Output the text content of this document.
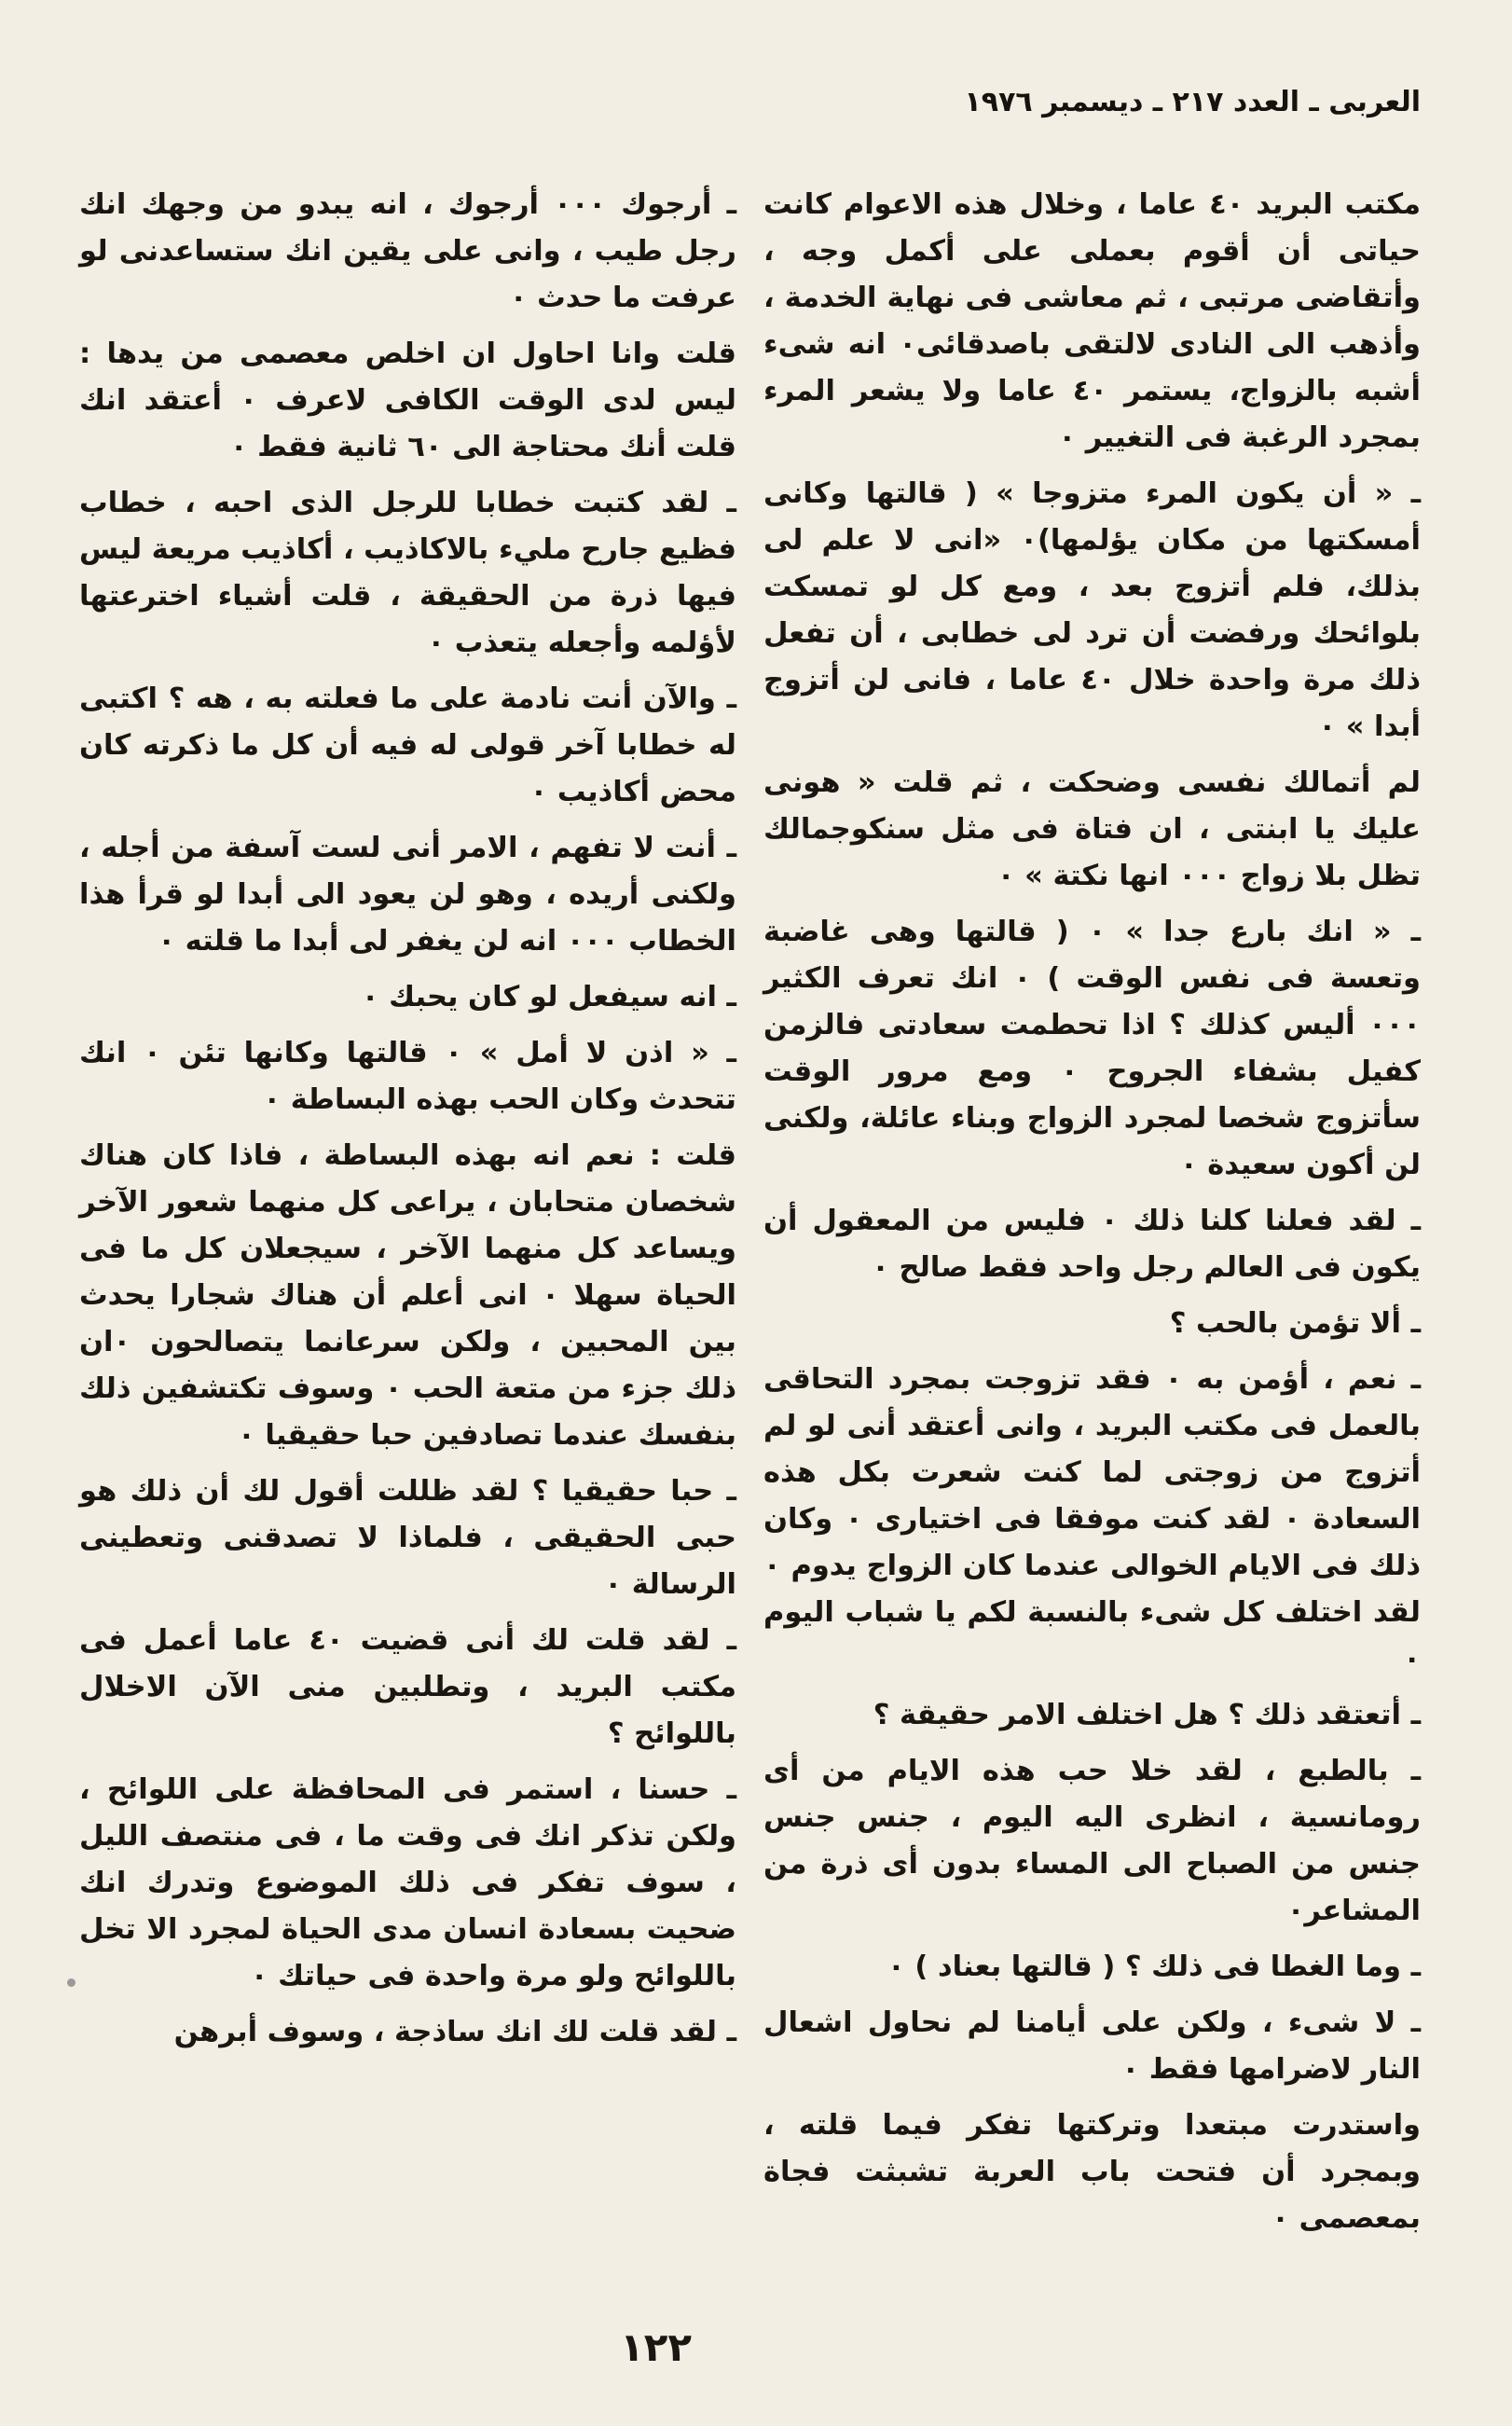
العربى ـ العدد ٢١٧ ـ ديسمبر ١٩٧٦

مكتب البريد ٤٠ عاما ، وخلال هذه الاعوام كانت حياتى أن أقوم بعملى على أكمل وجه ، وأتقاضى مرتبى ، ثم معاشى فى نهاية الخدمة ، وأذهب الى النادى لالتقى باصدقائى٠ انه شىء أشبه بالزواج، يستمر ٤٠ عاما ولا يشعر المرء بمجرد الرغبة فى التغيير ٠

ـ « أن يكون المرء متزوجا » ( قالتها وكانى أمسكتها من مكان يؤلمها)٠ «انى لا علم لى بذلك، فلم أتزوج بعد ، ومع كل لو تمسكت بلوائحك ورفضت أن ترد لى خطابى ، أن تفعل ذلك مرة واحدة خلال ٤٠ عاما ، فانى لن أتزوج أبدا » ٠

لم أتمالك نفسى وضحكت ، ثم قلت « هونى عليك يا ابنتى ، ان فتاة فى مثل سنكوجمالك تظل بلا زواج ٠٠٠ انها نكتة » ٠

ـ « انك بارع جدا » ٠ ( قالتها وهى غاضبة وتعسة فى نفس الوقت ) ٠ انك تعرف الكثير ٠٠٠ أليس كذلك ؟ اذا تحطمت سعادتى فالزمن كفيل بشفاء الجروح ٠ ومع مرور الوقت سأتزوج شخصا لمجرد الزواج وبناء عائلة، ولكنى لن أكون سعيدة ٠

ـ لقد فعلنا كلنا ذلك ٠ فليس من المعقول أن يكون فى العالم رجل واحد فقط صالح ٠

ـ ألا تؤمن بالحب ؟

ـ نعم ، أؤمن به ٠ فقد تزوجت بمجرد التحاقى بالعمل فى مكتب البريد ، وانى أعتقد أنى لو لم أتزوج من زوجتى لما كنت شعرت بكل هذه السعادة ٠ لقد كنت موفقا فى اختيارى ٠ وكان ذلك فى الايام الخوالى عندما كان الزواج يدوم ٠ لقد اختلف كل شىء بالنسبة لكم يا شباب اليوم ٠

ـ أتعتقد ذلك ؟ هل اختلف الامر حقيقة ؟

ـ بالطبع ، لقد خلا حب هذه الايام من أى رومانسية ، انظرى اليه اليوم ، جنس جنس جنس من الصباح الى المساء بدون أى ذرة من المشاعر٠

ـ وما الغطا فى ذلك ؟ ( قالتها بعناد ) ٠

ـ لا شىء ، ولكن على أيامنا لم نحاول اشعال النار لاضرامها فقط ٠

واستدرت مبتعدا وتركتها تفكر فيما قلته ، وبمجرد أن فتحت باب العربة تشبثت فجاة بمعصمى ٠

ـ أرجوك ٠٠٠ أرجوك ، انه يبدو من وجهك انك رجل طيب ، وانى على يقين انك ستساعدنى لو عرفت ما حدث ٠

قلت وانا احاول ان اخلص معصمى من يدها : ليس لدى الوقت الكافى لاعرف ٠ أعتقد انك قلت أنك محتاجة الى ٦٠ ثانية فقط ٠

ـ لقد كتبت خطابا للرجل الذى احبه ، خطاب فظيع جارح مليء بالاكاذيب ، أكاذيب مريعة ليس فيها ذرة من الحقيقة ، قلت أشياء اخترعتها لأؤلمه وأجعله يتعذب ٠

ـ والآن أنت نادمة على ما فعلته به ، هه ؟ اكتبى له خطابا آخر قولى له فيه أن كل ما ذكرته كان محض أكاذيب ٠

ـ أنت لا تفهم ، الامر أنى لست آسفة من أجله ، ولكنى أريده ، وهو لن يعود الى أبدا لو قرأ هذا الخطاب ٠٠٠ انه لن يغفر لى أبدا ما قلته ٠

ـ انه سيفعل لو كان يحبك ٠

ـ « اذن لا أمل » ٠ قالتها وكانها تئن ٠ انك تتحدث وكان الحب بهذه البساطة ٠

قلت : نعم انه بهذه البساطة ، فاذا كان هناك شخصان متحابان ، يراعى كل منهما شعور الآخر ويساعد كل منهما الآخر ، سيجعلان كل ما فى الحياة سهلا ٠ انى أعلم أن هناك شجارا يحدث بين المحبين ، ولكن سرعانما يتصالحون ٠ان ذلك جزء من متعة الحب ٠ وسوف تكتشفين ذلك بنفسك عندما تصادفين حبا حقيقيا ٠

ـ حبا حقيقيا ؟ لقد ظللت أقول لك أن ذلك هو حبى الحقيقى ، فلماذا لا تصدقنى وتعطينى الرسالة ٠

ـ لقد قلت لك أنى قضيت ٤٠ عاما أعمل فى مكتب البريد ، وتطلبين منى الآن الاخلال باللوائح ؟

ـ حسنا ، استمر فى المحافظة على اللوائح ، ولكن تذكر انك فى وقت ما ، فى منتصف الليل ، سوف تفكر فى ذلك الموضوع وتدرك انك ضحيت بسعادة انسان مدى الحياة لمجرد الا تخل باللوائح ولو مرة واحدة فى حياتك ٠

ـ لقد قلت لك انك ساذجة ، وسوف أبرهن

١٢٢
